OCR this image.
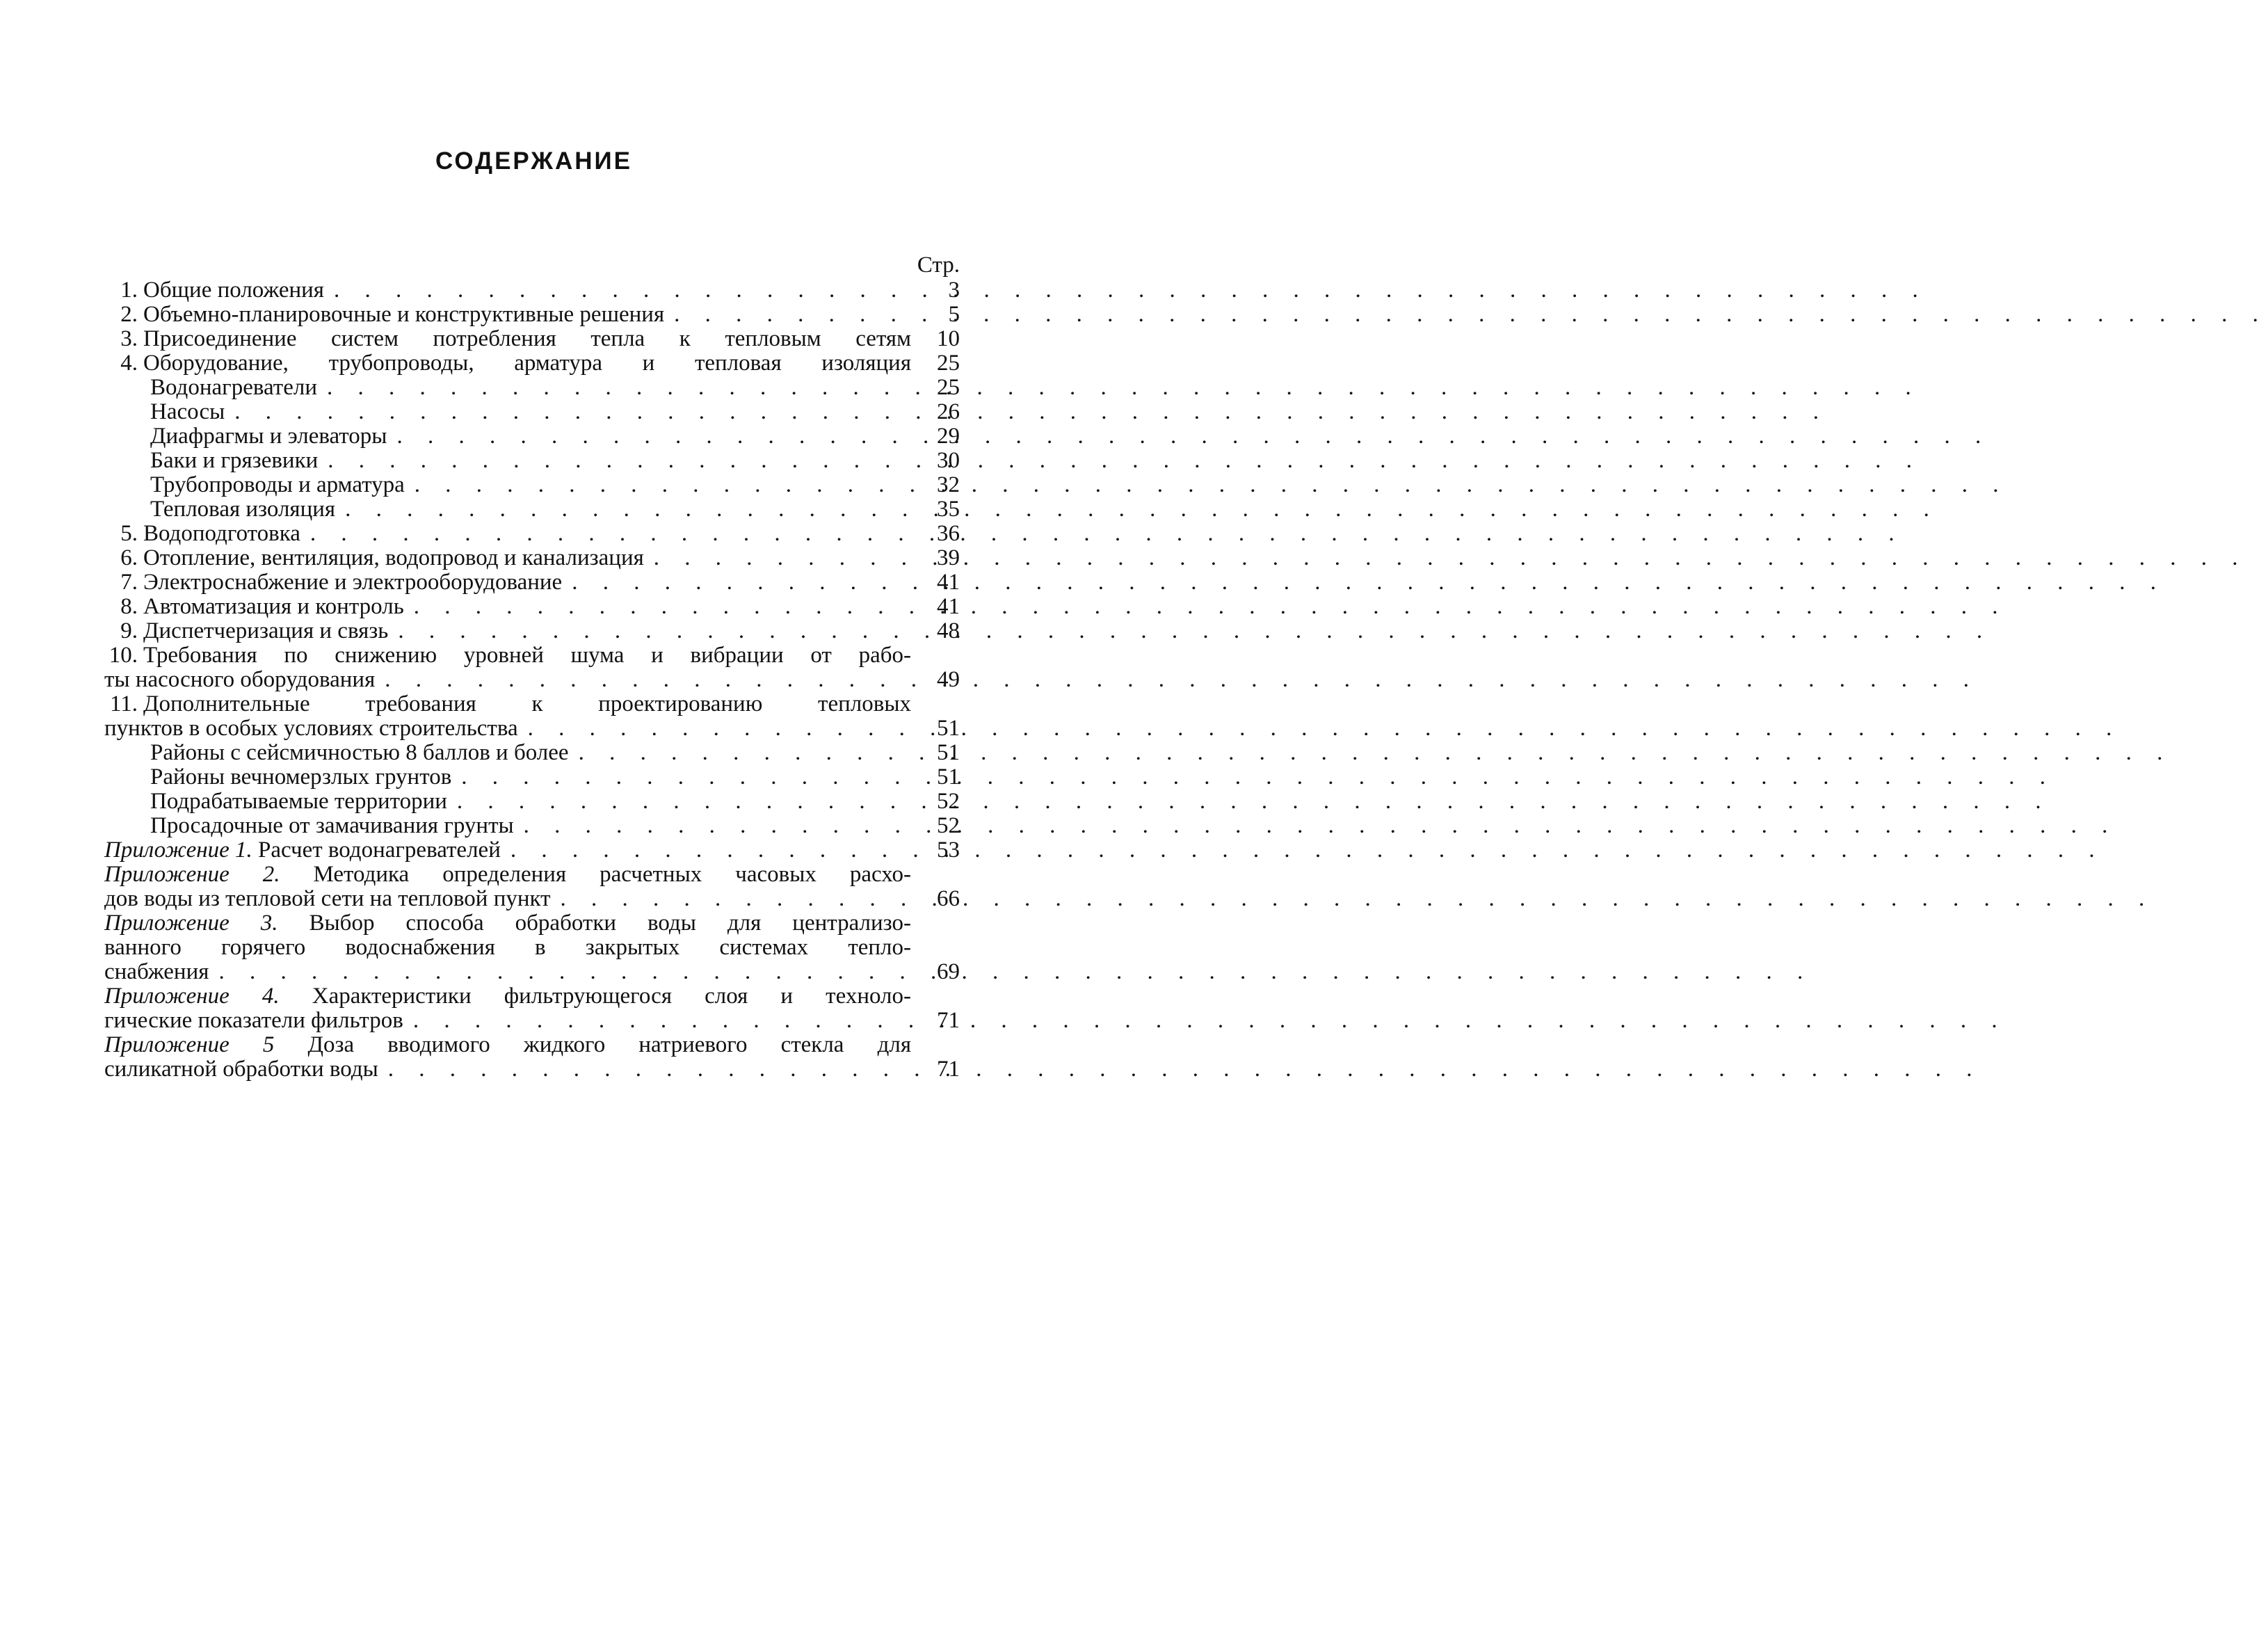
СОДЕРЖАНИЕ
Стр.
1. Общие положения . . .	3
2. Объемно-планировочные и конструктивные решения . . .	5
3. Присоединение систем потребления тепла к тепловым сетям	10
4. Оборудование, трубопроводы, арматура и тепловая изоляция	25
Водонагреватели . . .	25
Насосы . . .	26
Диафрагмы и элеваторы . . .	29
Баки и грязевики . . .	30
Трубопроводы и арматура . . .	32
Тепловая изоляция . . .	35
5. Водоподготовка . . .	36
6. Отопление, вентиляция, водопровод и канализация . . .	39
7. Электроснабжение и электрооборудование . . .	41
8. Автоматизация и контроль . . .	41
9. Диспетчеризация и связь . . .	48
10. Требования по снижению уровней шума и вибрации от рабо-
ты насосного оборудования . . .	49
11. Дополнительные требования к проектированию тепловых
пунктов в особых условиях строительства . . .	51
Районы с сейсмичностью 8 баллов и более . . .	51
Районы вечномерзлых грунтов . . .	51
Подрабатываемые территории . . .	52
Просадочные от замачивания грунты . . .	52
Приложение 1. Расчет водонагревателей . . .	53
Приложение 2. Методика определения расчетных часовых расхо-
дов воды из тепловой сети на тепловой пункт . . .	66
Приложение 3. Выбор способа обработки воды для централизо-
ванного горячего водоснабжения в закрытых системах тепло-
снабжения . . .	69
Приложение 4. Характеристики фильтрующегося слоя и техноло-
гические показатели фильтров . . .	71
Приложение 5 Доза вводимого жидкого натриевого стекла для
силикатной обработки воды . . .	71
